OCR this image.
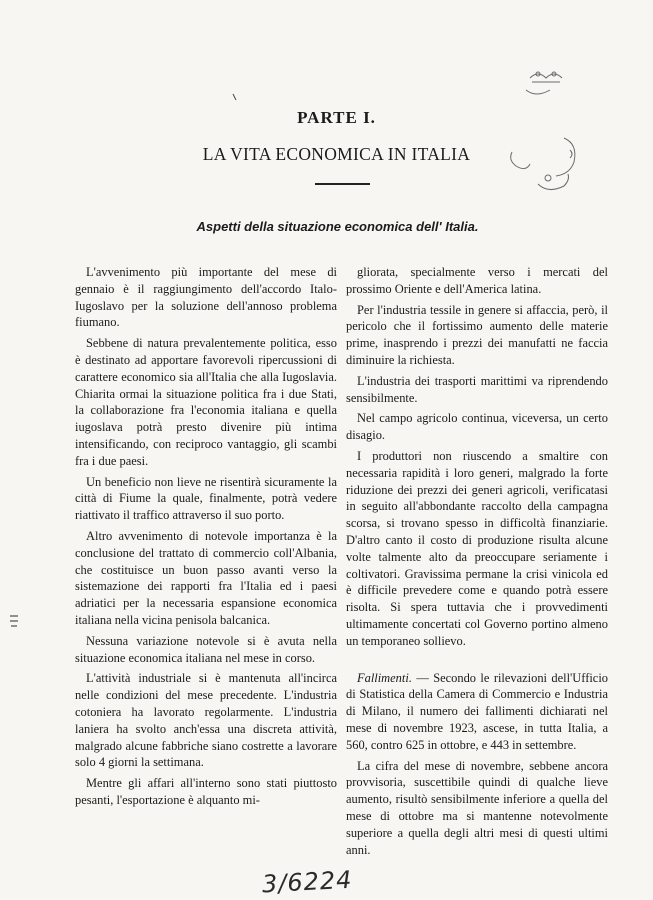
PARTE I.
LA VITA ECONOMICA IN ITALIA
Aspetti della situazione economica dell' Italia.

L'avvenimento più importante del mese di gennaio è il raggiungimento dell'accordo Italo-Iugoslavo per la soluzione dell'annoso problema fiumano.

Sebbene di natura prevalentemente politica, esso è destinato ad apportare favorevoli ripercussioni di carattere economico sia all'Italia che alla Iugoslavia. Chiarita ormai la situazione politica fra i due Stati, la collaborazione fra l'economia italiana e quella iugoslava potrà presto divenire più intima intensificando, con reciproco vantaggio, gli scambi fra i due paesi.

Un beneficio non lieve ne risentirà sicuramente la città di Fiume la quale, finalmente, potrà vedere riattivato il traffico attraverso il suo porto.

Altro avvenimento di notevole importanza è la conclusione del trattato di commercio coll'Albania, che costituisce un buon passo avanti verso la sistemazione dei rapporti fra l'Italia ed i paesi adriatici per la necessaria espansione economica italiana nella vicina penisola balcanica.

Nessuna variazione notevole si è avuta nella situazione economica italiana nel mese in corso.

L'attività industriale si è mantenuta all'incirca nelle condizioni del mese precedente. L'industria cotoniera ha lavorato regolarmente. L'industria laniera ha svolto anch'essa una discreta attività, malgrado alcune fabbriche siano costrette a lavorare solo 4 giorni la settimana.

Mentre gli affari all'interno sono stati piuttosto pesanti, l'esportazione è alquanto mi-

gliorata, specialmente verso i mercati del prossimo Oriente e dell'America latina.

Per l'industria tessile in genere si affaccia, però, il pericolo che il fortissimo aumento delle materie prime, inasprendo i prezzi dei manufatti ne faccia diminuire la richiesta.

L'industria dei trasporti marittimi va riprendendo sensibilmente.

Nel campo agricolo continua, viceversa, un certo disagio.

I produttori non riuscendo a smaltire con necessaria rapidità i loro generi, malgrado la forte riduzione dei prezzi dei generi agricoli, verificatasi in seguito all'abbondante raccolto della campagna scorsa, si trovano spesso in difficoltà finanziarie. D'altro canto il costo di produzione risulta alcune volte talmente alto da preoccupare seriamente i coltivatori. Gravissima permane la crisi vinicola ed è difficile prevedere come e quando potrà essere risolta. Si spera tuttavia che i provvedimenti ultimamente concertati col Governo portino almeno un temporaneo sollievo.

Fallimenti. — Secondo le rilevazioni dell'Ufficio di Statistica della Camera di Commercio e Industria di Milano, il numero dei fallimenti dichiarati nel mese di novembre 1923, ascese, in tutta Italia, a 560, contro 625 in ottobre, e 443 in settembre.

La cifra del mese di novembre, sebbene ancora provvisoria, suscettibile quindi di qualche lieve aumento, risultò sensibilmente inferiore a quella del mese di ottobre ma si mantenne notevolmente superiore a quella degli altri mesi di questi ultimi anni.

3/6224
